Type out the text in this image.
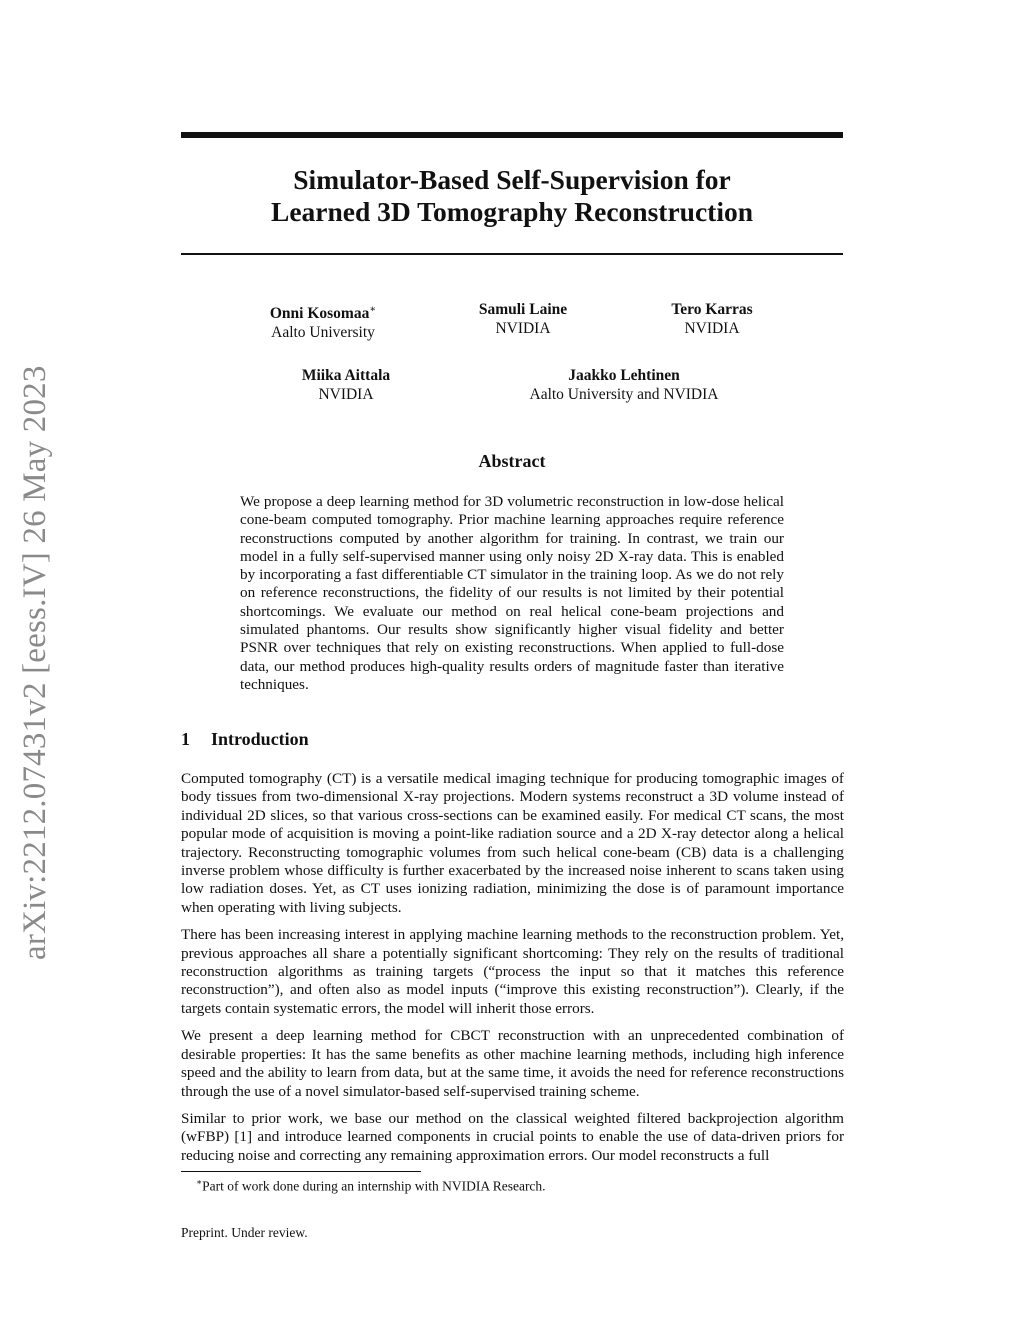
arXiv:2212.07431v2 [eess.IV] 26 May 2023
Simulator-Based Self-Supervision for
Learned 3D Tomography Reconstruction
Onni Kosomaa∗
Aalto University
Samuli Laine
NVIDIA
Tero Karras
NVIDIA
Miika Aittala
NVIDIA
Jaakko Lehtinen
Aalto University and NVIDIA
Abstract

We propose a deep learning method for 3D volumetric reconstruction in low-dose helical cone-beam computed tomography. Prior machine learning approaches require reference reconstructions computed by another algorithm for training. In contrast, we train our model in a fully self-supervised manner using only noisy 2D X-ray data. This is enabled by incorporating a fast differentiable CT simulator in the training loop. As we do not rely on reference reconstructions, the fidelity of our results is not limited by their potential shortcomings. We evaluate our method on real helical cone-beam projections and simulated phantoms. Our results show significantly higher visual fidelity and better PSNR over techniques that rely on existing reconstructions. When applied to full-dose data, our method produces high-quality results orders of magnitude faster than iterative techniques.

1 Introduction

Computed tomography (CT) is a versatile medical imaging technique for producing tomographic images of body tissues from two-dimensional X-ray projections. Modern systems reconstruct a 3D volume instead of individual 2D slices, so that various cross-sections can be examined easily. For medical CT scans, the most popular mode of acquisition is moving a point-like radiation source and a 2D X-ray detector along a helical trajectory. Reconstructing tomographic volumes from such helical cone-beam (CB) data is a challenging inverse problem whose difficulty is further exacerbated by the increased noise inherent to scans taken using low radiation doses. Yet, as CT uses ionizing radiation, minimizing the dose is of paramount importance when operating with living subjects.

There has been increasing interest in applying machine learning methods to the reconstruction problem. Yet, previous approaches all share a potentially significant shortcoming: They rely on the results of traditional reconstruction algorithms as training targets (“process the input so that it matches this reference reconstruction”), and often also as model inputs (“improve this existing reconstruction”). Clearly, if the targets contain systematic errors, the model will inherit those errors.

We present a deep learning method for CBCT reconstruction with an unprecedented combination of desirable properties: It has the same benefits as other machine learning methods, including high inference speed and the ability to learn from data, but at the same time, it avoids the need for reference reconstructions through the use of a novel simulator-based self-supervised training scheme.

Similar to prior work, we base our method on the classical weighted filtered backprojection algorithm (wFBP) [1] and introduce learned components in crucial points to enable the use of data-driven priors for reducing noise and correcting any remaining approximation errors. Our model reconstructs a full

∗Part of work done during an internship with NVIDIA Research.
Preprint. Under review.
